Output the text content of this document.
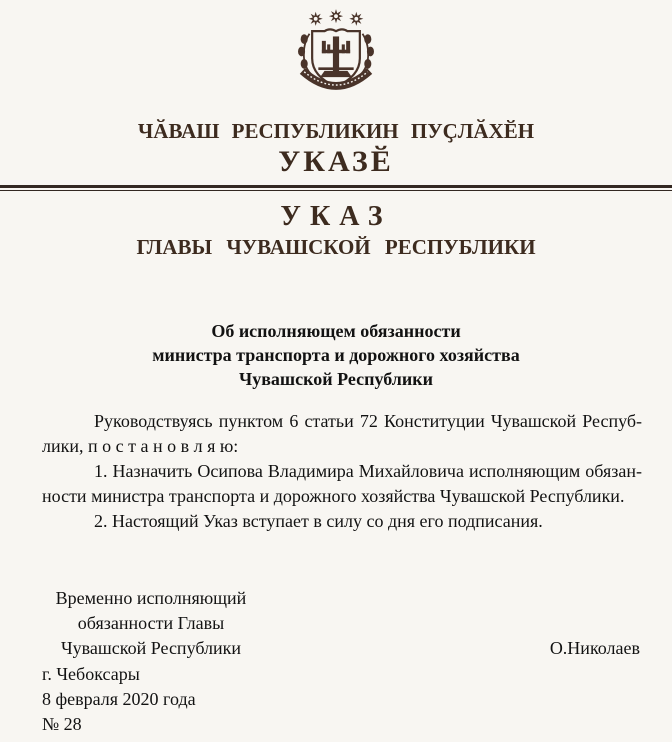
ЧӐВАШ РЕСПУБЛИКИН ПУҪЛӐХӖН
УКАЗӖ
УКАЗ
ГЛАВЫ ЧУВАШСКОЙ РЕСПУБЛИКИ
Об исполняющем обязанности
министра транспорта и дорожного хозяйства
Чувашской Республики
Руководствуясь пунктом 6 статьи 72 Конституции Чувашской Респуб-
лики, п о с т а н о в л я ю:
1. Назначить Осипова Владимира Михайловича исполняющим обязан-
ности министра транспорта и дорожного хозяйства Чувашской Республики.
2. Настоящий Указ вступает в силу со дня его подписания.
Временно исполняющий
обязанности Главы
Чувашской Республики	О.Николаев
г. Чебоксары
8 февраля 2020 года
№ 28
